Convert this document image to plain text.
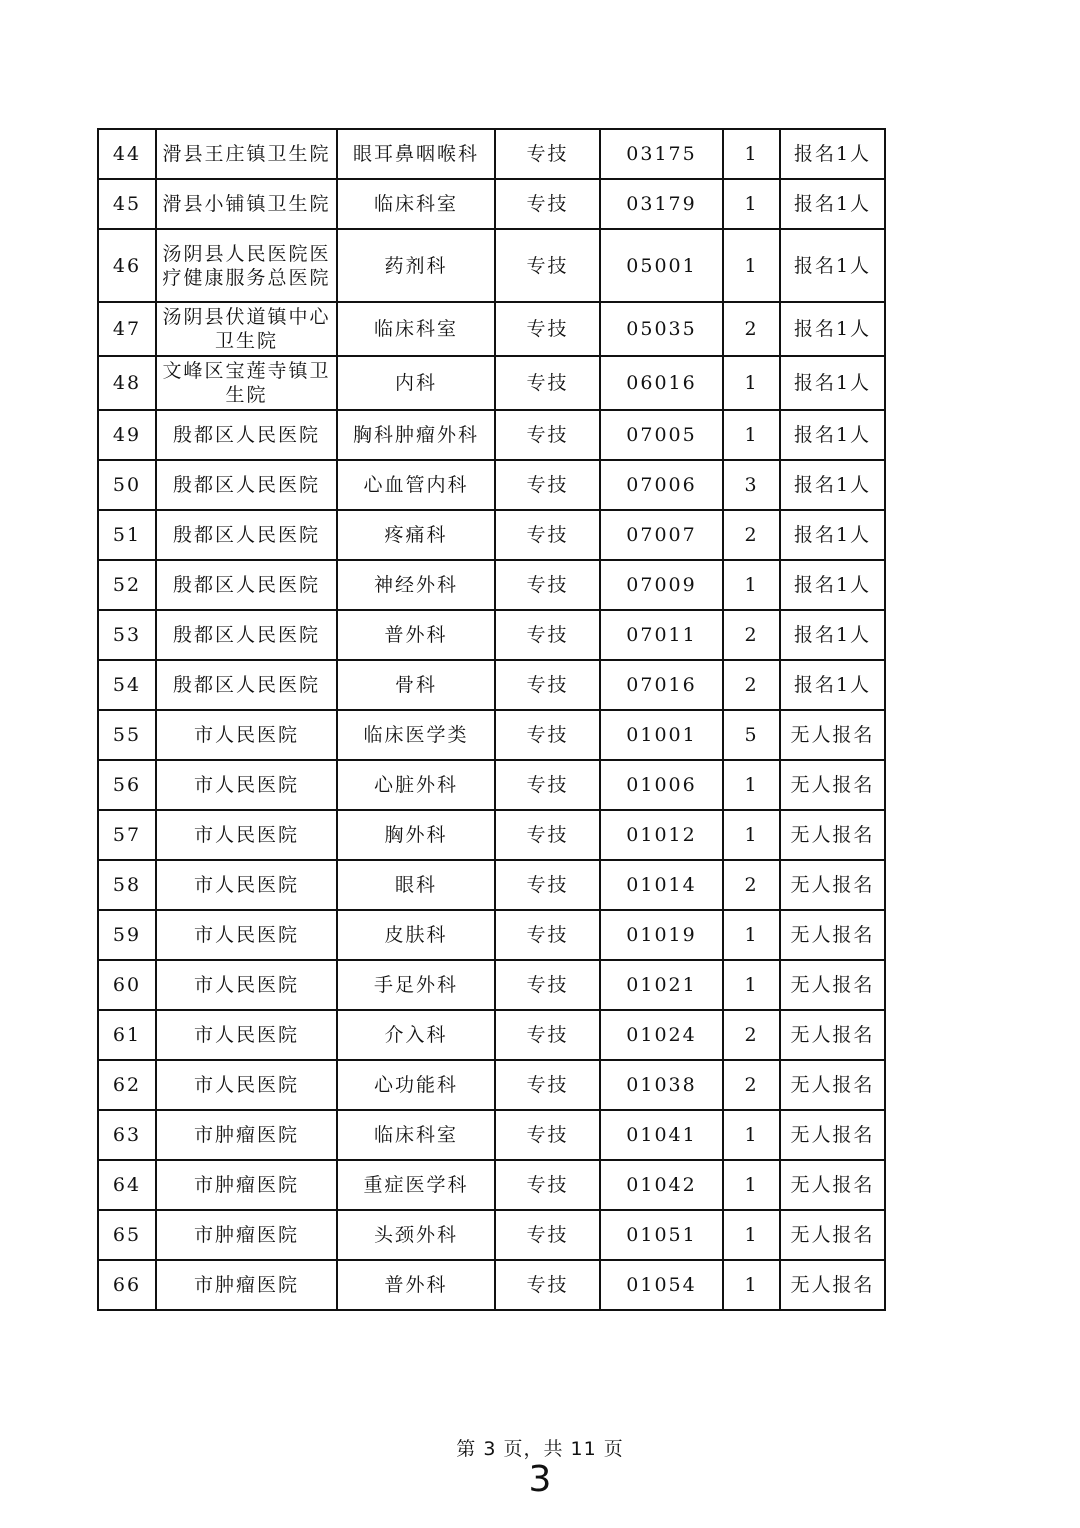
44	滑县王庄镇卫生院	眼耳鼻咽喉科	专技	03175	1	报名1人
45	滑县小铺镇卫生院	临床科室	专技	03179	1	报名1人
46	汤阴县人民医院医疗健康服务总医院	药剂科	专技	05001	1	报名1人
47	汤阴县伏道镇中心卫生院	临床科室	专技	05035	2	报名1人
48	文峰区宝莲寺镇卫生院	内科	专技	06016	1	报名1人
49	殷都区人民医院	胸科肿瘤外科	专技	07005	1	报名1人
50	殷都区人民医院	心血管内科	专技	07006	3	报名1人
51	殷都区人民医院	疼痛科	专技	07007	2	报名1人
52	殷都区人民医院	神经外科	专技	07009	1	报名1人
53	殷都区人民医院	普外科	专技	07011	2	报名1人
54	殷都区人民医院	骨科	专技	07016	2	报名1人
55	市人民医院	临床医学类	专技	01001	5	无人报名
56	市人民医院	心脏外科	专技	01006	1	无人报名
57	市人民医院	胸外科	专技	01012	1	无人报名
58	市人民医院	眼科	专技	01014	2	无人报名
59	市人民医院	皮肤科	专技	01019	1	无人报名
60	市人民医院	手足外科	专技	01021	1	无人报名
61	市人民医院	介入科	专技	01024	2	无人报名
62	市人民医院	心功能科	专技	01038	2	无人报名
63	市肿瘤医院	临床科室	专技	01041	1	无人报名
64	市肿瘤医院	重症医学科	专技	01042	1	无人报名
65	市肿瘤医院	头颈外科	专技	01051	1	无人报名
66	市肿瘤医院	普外科	专技	01054	1	无人报名
第 3 页，共 11 页
3
